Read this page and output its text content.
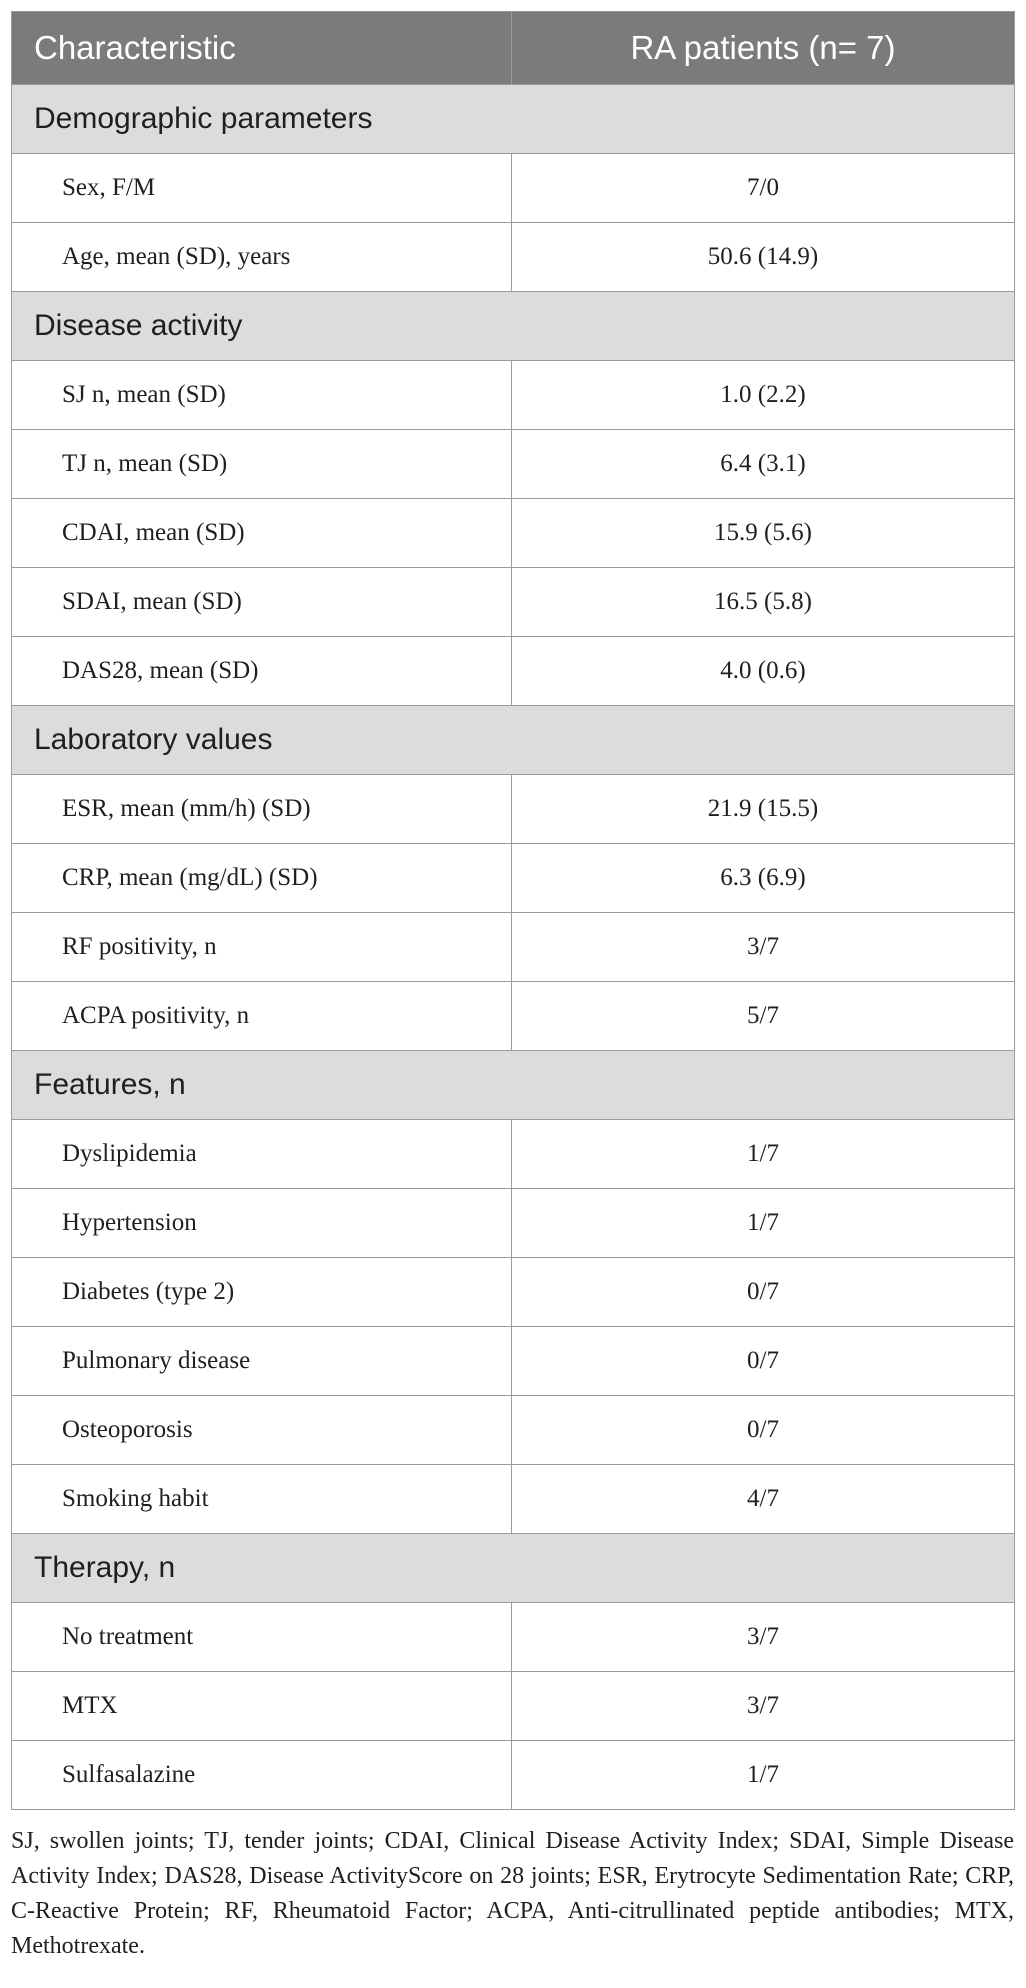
Characteristic	RA patients (n= 7)
Demographic parameters	
Sex, F/M	7/0
Age, mean (SD), years	50.6 (14.9)
Disease activity	
SJ n, mean (SD)	1.0 (2.2)
TJ n, mean (SD)	6.4 (3.1)
CDAI, mean (SD)	15.9 (5.6)
SDAI, mean (SD)	16.5 (5.8)
DAS28, mean (SD)	4.0 (0.6)
Laboratory values	
ESR, mean (mm/h) (SD)	21.9 (15.5)
CRP, mean (mg/dL) (SD)	6.3 (6.9)
RF positivity, n	3/7
ACPA positivity, n	5/7
Features, n	
Dyslipidemia	1/7
Hypertension	1/7
Diabetes (type 2)	0/7
Pulmonary disease	0/7
Osteoporosis	0/7
Smoking habit	4/7
Therapy, n	
No treatment	3/7
MTX	3/7
Sulfasalazine	1/7

SJ, swollen joints; TJ, tender joints; CDAI, Clinical Disease Activity Index; SDAI, Simple Disease Activity Index; DAS28, Disease ActivityScore on 28 joints; ESR, Erytrocyte Sedimentation Rate; CRP, C-Reactive Protein; RF, Rheumatoid Factor; ACPA, Anti-citrullinated peptide antibodies; MTX, Methotrexate.
